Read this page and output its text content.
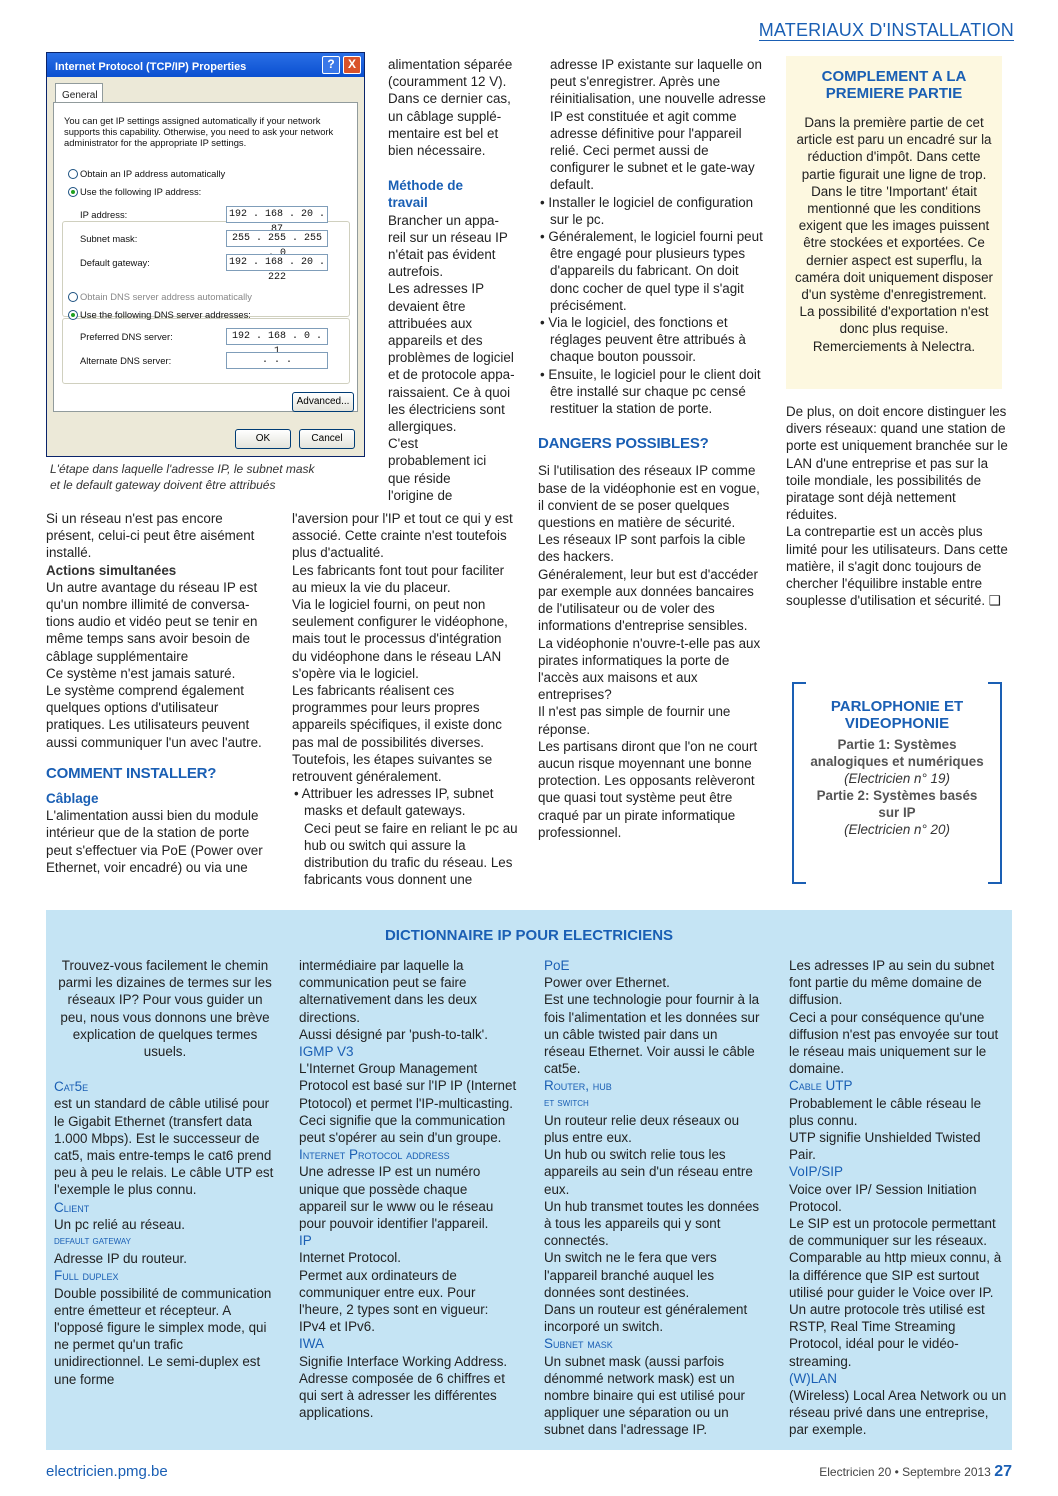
MATERIAUX D'INSTALLATION
Internet Protocol (TCP/IP) Properties	?	X
General
You can get IP settings assigned automatically if your network supports this capability. Otherwise, you need to ask your network administrator for the appropriate IP settings.
Obtain an IP address automatically
Use the following IP address:
IP address:	192 . 168 . 20 .
Subnet mask:	255 . 255 . 255
Default gateway:	192 . 168 . 20 . 222
Obtain DNS server address automatically
Use the following DNS server addresses:
Preferred DNS server:	192 . 168 . 0 .
Alternate DNS server:	. . .
Advanced...
OK	Cancel
L'étape dans laquelle l'adresse IP, le subnet mask et le default gateway doivent être attribués

Si un réseau n'est pas encore présent, celui-ci peut être aisément installé.

Actions simultanées

Un autre avantage du réseau IP est qu'un nombre illimité de conversa-tions audio et vidéo peut se tenir en même temps sans avoir besoin de câblage supplémentaire

Ce système n'est jamais saturé.

Le système comprend également quelques options d'utilisateur pratiques. Les utilisateurs peuvent aussi communiquer l'un avec l'autre.

COMMENT INSTALLER?

Câblage

L'alimentation aussi bien du module intérieur que de la station de porte peut s'effectuer via PoE (Power over Ethernet, voir encadré) ou via une

alimentation séparée (couramment 12 V). Dans ce dernier cas, un câblage supplé-mentaire est bel et bien nécessaire.

Méthode de travail

Brancher un appa-reil sur un réseau IP n'était pas évident autrefois.

Les adresses IP devaient être attribuées aux appareils et des problèmes de logiciel et de protocole appa-raissaient. Ce à quoi les électriciens sont allergiques.

C'est probablement ici que réside l'origine de

l'aversion pour l'IP et tout ce qui y est associé. Cette crainte n'est toutefois plus d'actualité.

Les fabricants font tout pour faciliter au mieux la vie du placeur.

Via le logiciel fourni, on peut non seulement configurer le vidéophone, mais tout le processus d'intégration du vidéophone dans le réseau LAN s'opère via le logiciel.

Les fabricants réalisent ces programmes pour leurs propres appareils spécifiques, il existe donc pas mal de possibilités diverses. Toutefois, les étapes suivantes se retrouvent généralement.

• Attribuer les adresses IP, subnet masks et default gateways.

Ceci peut se faire en reliant le pc au hub ou switch qui assure la distribution du trafic du réseau. Les fabricants vous donnent une

adresse IP existante sur laquelle on peut s'enregistrer. Après une réinitialisation, une nouvelle adresse IP est constituée et agit comme adresse définitive pour l'appareil relié. Ceci permet aussi de configurer le subnet et le gate-way default.

• Installer le logiciel de configuration sur le pc.

• Généralement, le logiciel fourni peut être engagé pour plusieurs types d'appareils du fabricant. On doit donc cocher de quel type il s'agit précisément.

• Via le logiciel, des fonctions et réglages peuvent être attribués à chaque bouton poussoir.

• Ensuite, le logiciel pour le client doit être installé sur chaque pc censé restituer la station de porte.

DANGERS POSSIBLES?

Si l'utilisation des réseaux IP comme base de la vidéophonie est en vogue, il convient de se poser quelques questions en matière de sécurité.

Les réseaux IP sont parfois la cible des hackers.

Généralement, leur but est d'accéder par exemple aux données bancaires de l'utilisateur ou de voler des informations d'entreprise sensibles.

La vidéophonie n'ouvre-t-elle pas aux pirates informatiques la porte de l'accès aux maisons et aux entreprises?

Il n'est pas simple de fournir une réponse.

Les partisans diront que l'on ne court aucun risque moyennant une bonne protection. Les opposants relèveront que quasi tout système peut être craqué par un pirate informatique professionnel.

COMPLEMENT A LA PREMIERE PARTIE
Dans la première partie de cet article est paru un encadré sur la réduction d'impôt. Dans cette partie figurait une ligne de trop. Dans le titre 'Important' était mentionné que les conditions exigent que les images puissent être stockées et exportées. Ce dernier aspect est superflu, la caméra doit uniquement disposer d'un système d'enregistrement. La possibilité d'exportation n'est donc plus requise. Remerciements à Nelectra.

De plus, on doit encore distinguer les divers réseaux: quand une station de porte est uniquement branchée sur le LAN d'une entreprise et pas sur la toile mondiale, les possibilités de piratage sont déjà nettement réduites.

La contrepartie est un accès plus limité pour les utilisateurs. Dans cette matière, il s'agit donc toujours de chercher l'équilibre instable entre souplesse d'utilisation et sécurité. ❑

PARLOPHONIE ET VIDEOPHONIE
Partie 1: Systèmes analogiques et numériques
(Electricien n° 19)
Partie 2: Systèmes basés sur IP
(Electricien n° 20)
DICTIONNAIRE IP POUR ELECTRICIENS

Trouvez-vous facilement le chemin parmi les dizaines de termes sur les réseaux IP? Pour vous guider un peu, nous vous donnons une brève explication de quelques termes usuels.

Cat5e

est un standard de câble utilisé pour le Gigabit Ethernet (transfert data 1.000 Mbps). Est le successeur de cat5, mais entre-temps le cat6 prend peu à peu le relais. Le câble UTP est l'exemple le plus connu.

Client

Un pc relié au réseau.

default gateway

Adresse IP du routeur.

Full duplex

Double possibilité de communication entre émetteur et récepteur. A l'opposé figure le simplex mode, qui ne permet qu'un trafic unidirectionnel. Le semi-duplex est une forme

intermédiaire par laquelle la communication peut se faire alternativement dans les deux directions.

Aussi désigné par 'push-to-talk'.

IGMP V3

L'Internet Group Management Protocol est basé sur l'IP IP (Internet Ptotocol) et permet l'IP-multicasting. Ceci signifie que la communication peut s'opérer au sein d'un groupe.

Internet Protocol address

Une adresse IP est un numéro unique que possède chaque appareil sur le www ou le réseau pour pouvoir identifier l'appareil.

IP

Internet Protocol.

Permet aux ordinateurs de communiquer entre eux. Pour l'heure, 2 types sont en vigueur: IPv4 et IPv6.

IWA

Signifie Interface Working Address. Adresse composée de 6 chiffres et qui sert à adresser les différentes applications.

PoE

Power over Ethernet.

Est une technologie pour fournir à la fois l'alimentation et les données sur un câble twisted pair dans un réseau Ethernet. Voir aussi le câble cat5e.

Router, hub

et switch

Un routeur relie deux réseaux ou plus entre eux.

Un hub ou switch relie tous les appareils au sein d'un réseau entre eux.

Un hub transmet toutes les données à tous les appareils qui y sont connectés.

Un switch ne le fera que vers l'appareil branché auquel les données sont destinées.

Dans un routeur est généralement incorporé un switch.

Subnet mask

Un subnet mask (aussi parfois dénommé network mask) est un nombre binaire qui est utilisé pour appliquer une séparation ou un subnet dans l'adressage IP.

Les adresses IP au sein du subnet font partie du même domaine de diffusion.

Ceci a pour conséquence qu'une diffusion n'est pas envoyée sur tout le réseau mais uniquement sur le domaine.

Cable UTP

Probablement le câble réseau le plus connu.

UTP signifie Unshielded Twisted Pair.

VoIP/SIP

Voice over IP/ Session Initiation Protocol.

Le SIP est un protocole permettant de communiquer sur les réseaux. Comparable au http mieux connu, à la différence que SIP est surtout utilisé pour guider le Voice over IP. Un autre protocole très utilisé est RSTP, Real Time Streaming Protocol, idéal pour le vidéo-streaming.

(W)LAN

(Wireless) Local Area Network ou un réseau privé dans une entreprise, par exemple.

electricien.pmg.be	Electricien 20 • Septembre 2013 27
